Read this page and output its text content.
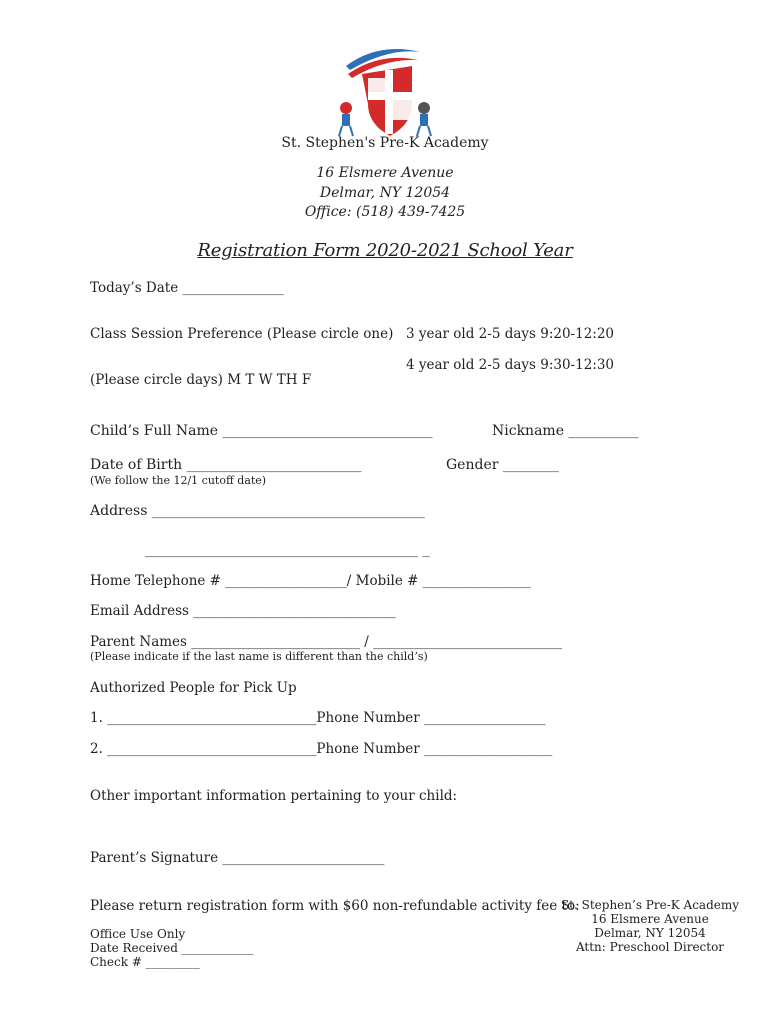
St. Stephen's Pre-K Academy
16 Elsmere Avenue
Delmar, NY 12054
Office: (518) 439-7425
Registration Form 2020-2021 School Year
Today’s Date _______________
Class Session Preference (Please circle one) 3 year old 2-5 days 9:20-12:20
4 year old 2-5 days 9:30-12:30
(Please circle days) M T W TH F
Child’s Full Name ______________________________	Nickname __________
Date of Birth _________________________	Gender ________
(We follow the 12/1 cutoff date)
Address _______________________________________
_______________________________________ _
Home Telephone # __________________/ Mobile # ________________
Email Address ______________________________
Parent Names _________________________ / ____________________________
(Please indicate if the last name is different than the child’s)
Authorized People for Pick Up
1. _______________________________Phone Number __________________
2. _______________________________Phone Number ___________________
Other important information pertaining to your child:
Parent’s Signature ________________________
Please return registration form with $60 non-refundable activity fee to:
Office Use Only
Date Received ____________
Check # _________
St. Stephen’s Pre-K Academy
16 Elsmere Avenue
Delmar, NY 12054
Attn: Preschool Director
